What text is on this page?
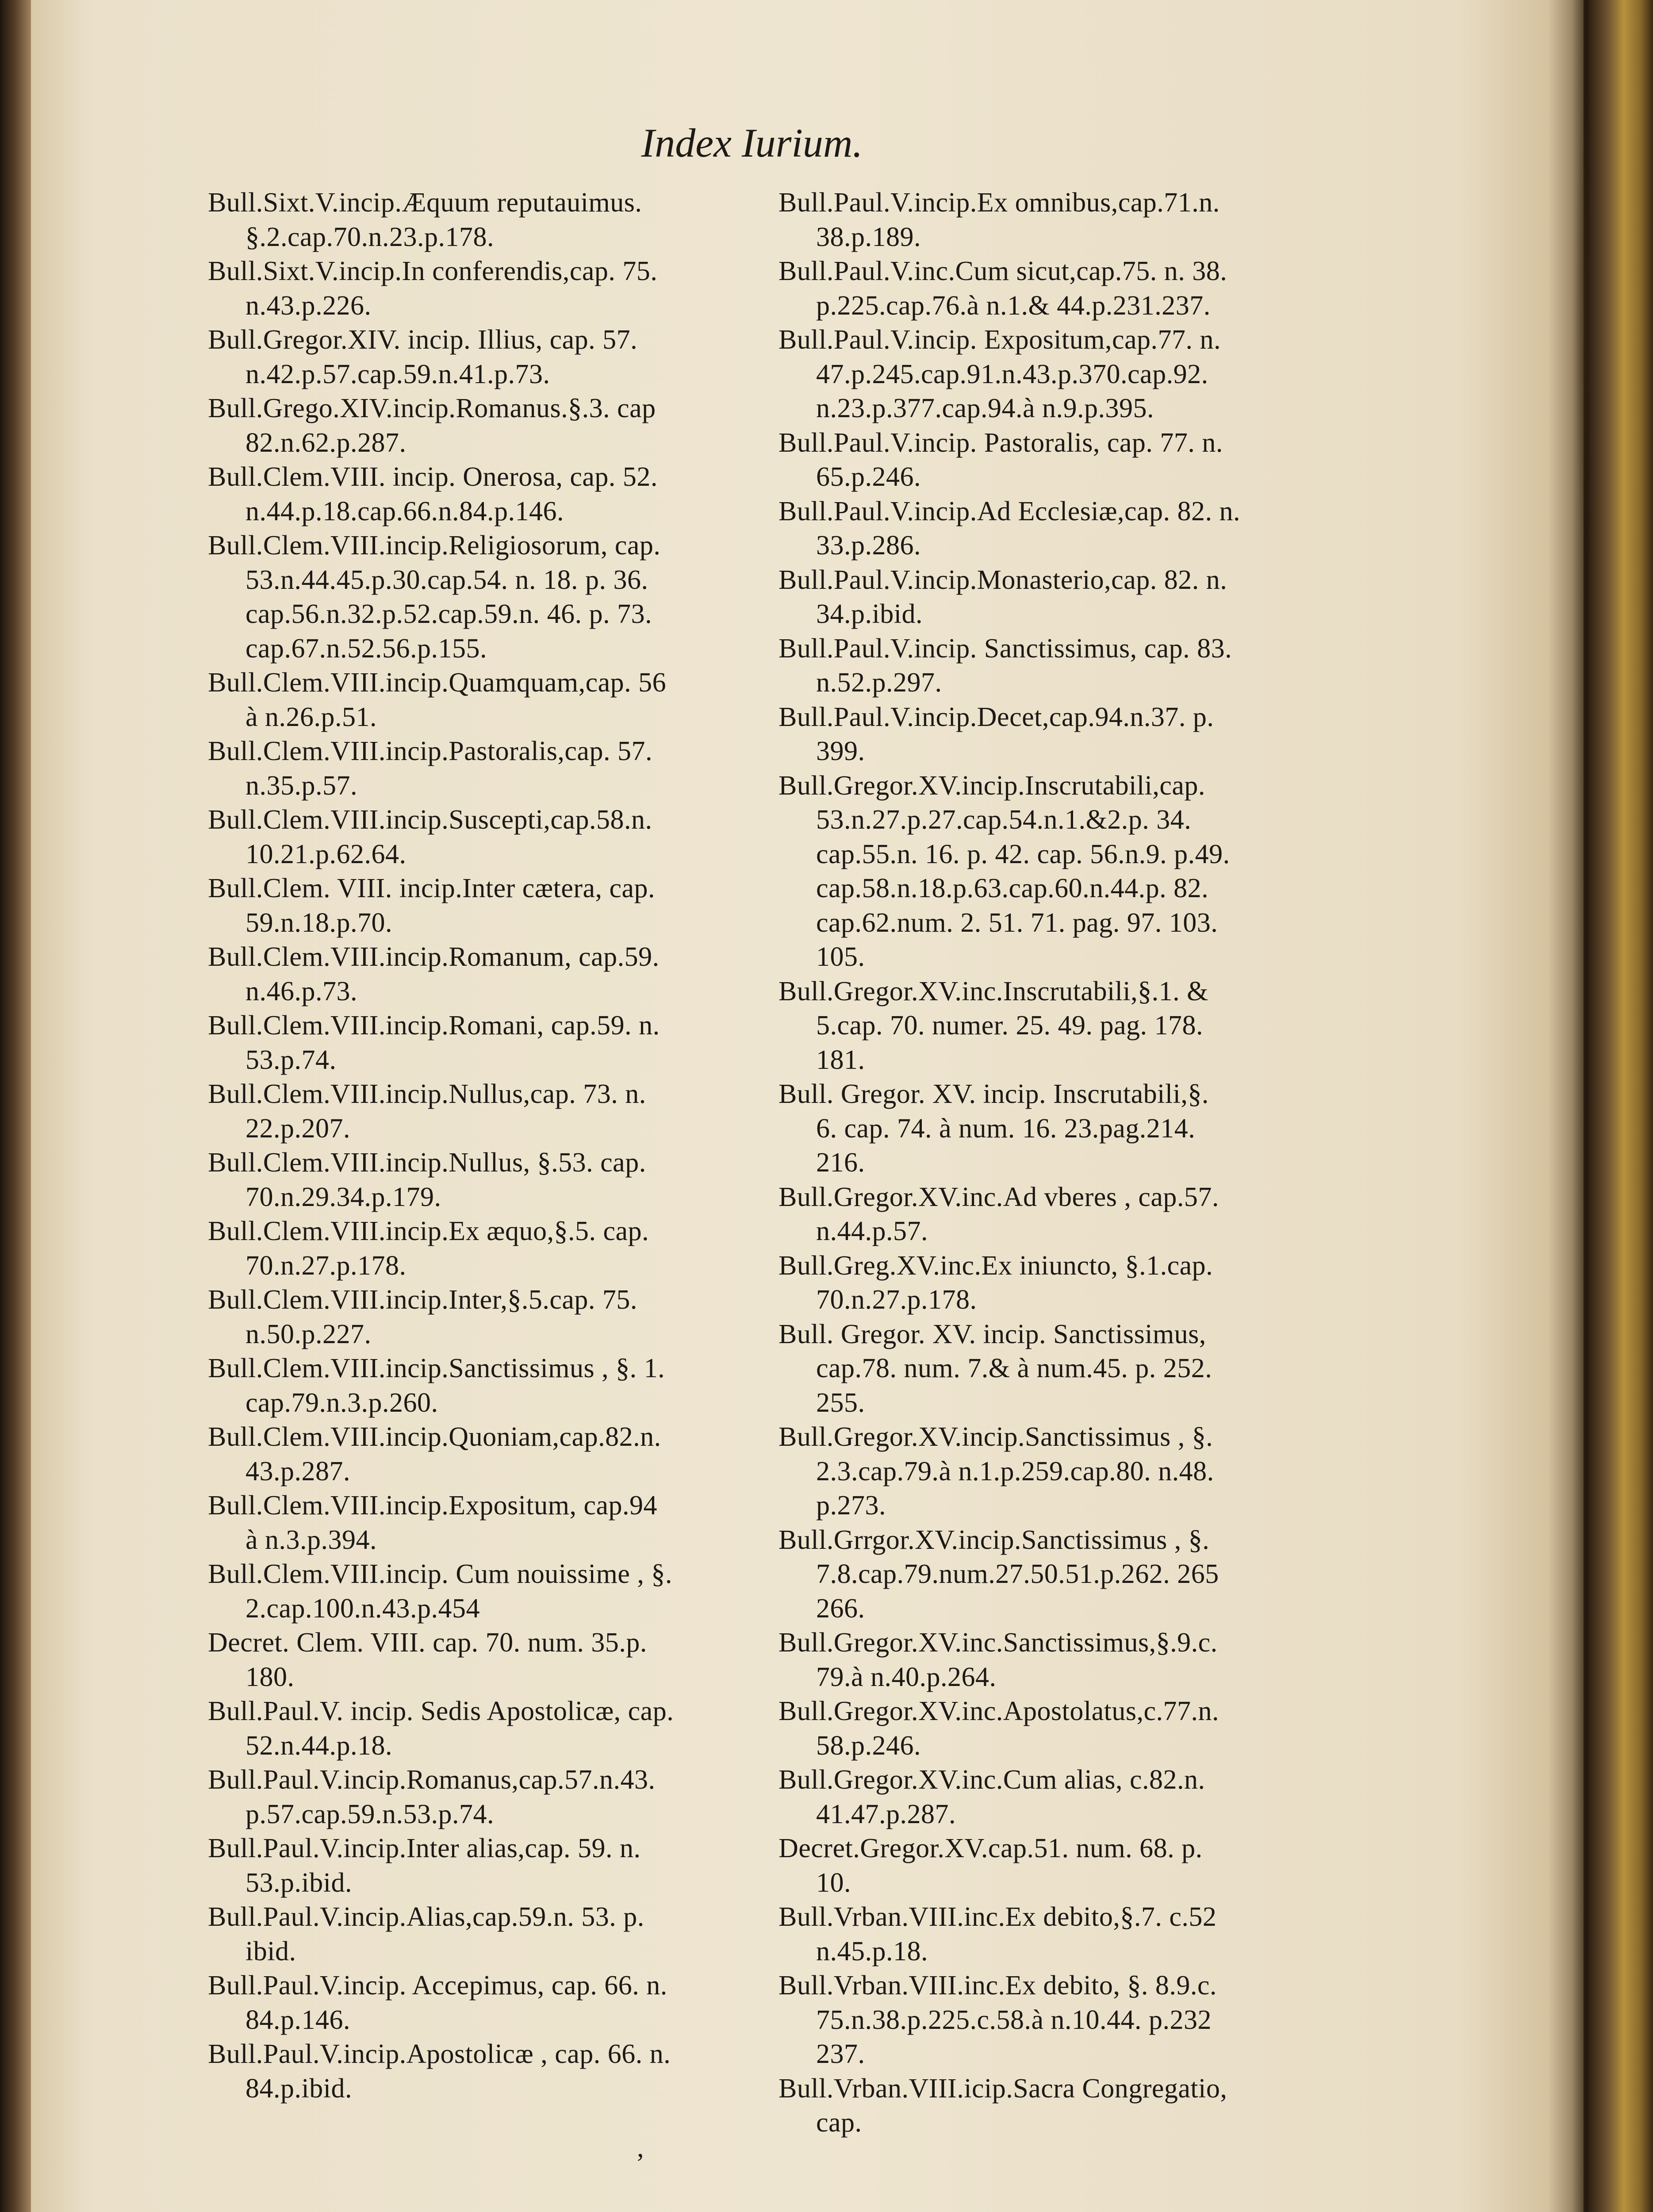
Index Iurium.
Bull.Sixt.V.incip.Æquum reputauimus.
§.2.cap.70.n.23.p.178.
Bull.Sixt.V.incip.In conferendis,cap. 75.
n.43.p.226.
Bull.Gregor.XIV. incip. Illius, cap. 57.
n.42.p.57.cap.59.n.41.p.73.
Bull.Grego.XIV.incip.Romanus.§.3. cap
82.n.62.p.287.
Bull.Clem.VIII. incip. Onerosa, cap. 52.
n.44.p.18.cap.66.n.84.p.146.
Bull.Clem.VIII.incip.Religiosorum, cap.
53.n.44.45.p.30.cap.54. n. 18. p. 36.
cap.56.n.32.p.52.cap.59.n. 46. p. 73.
cap.67.n.52.56.p.155.
Bull.Clem.VIII.incip.Quamquam,cap. 56
à n.26.p.51.
Bull.Clem.VIII.incip.Pastoralis,cap. 57.
n.35.p.57.
Bull.Clem.VIII.incip.Suscepti,cap.58.n.
10.21.p.62.64.
Bull.Clem. VIII. incip.Inter cætera, cap.
59.n.18.p.70.
Bull.Clem.VIII.incip.Romanum, cap.59.
n.46.p.73.
Bull.Clem.VIII.incip.Romani, cap.59. n.
53.p.74.
Bull.Clem.VIII.incip.Nullus,cap. 73. n.
22.p.207.
Bull.Clem.VIII.incip.Nullus, §.53. cap.
70.n.29.34.p.179.
Bull.Clem.VIII.incip.Ex æquo,§.5. cap.
70.n.27.p.178.
Bull.Clem.VIII.incip.Inter,§.5.cap. 75.
n.50.p.227.
Bull.Clem.VIII.incip.Sanctissimus , §. 1.
cap.79.n.3.p.260.
Bull.Clem.VIII.incip.Quoniam,cap.82.n.
43.p.287.
Bull.Clem.VIII.incip.Expositum, cap.94
à n.3.p.394.
Bull.Clem.VIII.incip. Cum nouissime , §.
2.cap.100.n.43.p.454
Decret. Clem. VIII. cap. 70. num. 35.p.
180.
Bull.Paul.V. incip. Sedis Apostolicæ, cap.
52.n.44.p.18.
Bull.Paul.V.incip.Romanus,cap.57.n.43.
p.57.cap.59.n.53.p.74.
Bull.Paul.V.incip.Inter alias,cap. 59. n.
53.p.ibid.
Bull.Paul.V.incip.Alias,cap.59.n. 53. p.
ibid.
Bull.Paul.V.incip. Accepimus, cap. 66. n.
84.p.146.
Bull.Paul.V.incip.Apostolicæ , cap. 66. n.
84.p.ibid.
Bull.Paul.V.incip.Ex omnibus,cap.71.n.
38.p.189.
Bull.Paul.V.inc.Cum sicut,cap.75. n. 38.
p.225.cap.76.à n.1.& 44.p.231.237.
Bull.Paul.V.incip. Expositum,cap.77. n.
47.p.245.cap.91.n.43.p.370.cap.92.
n.23.p.377.cap.94.à n.9.p.395.
Bull.Paul.V.incip. Pastoralis, cap. 77. n.
65.p.246.
Bull.Paul.V.incip.Ad Ecclesiæ,cap. 82. n.
33.p.286.
Bull.Paul.V.incip.Monasterio,cap. 82. n.
34.p.ibid.
Bull.Paul.V.incip. Sanctissimus, cap. 83.
n.52.p.297.
Bull.Paul.V.incip.Decet,cap.94.n.37. p.
399.
Bull.Gregor.XV.incip.Inscrutabili,cap.
53.n.27.p.27.cap.54.n.1.&2.p. 34.
cap.55.n. 16. p. 42. cap. 56.n.9. p.49.
cap.58.n.18.p.63.cap.60.n.44.p. 82.
cap.62.num. 2. 51. 71. pag. 97. 103.
105.
Bull.Gregor.XV.inc.Inscrutabili,§.1. &
5.cap. 70. numer. 25. 49. pag. 178.
181.
Bull. Gregor. XV. incip. Inscrutabili,§.
6. cap. 74. à num. 16. 23.pag.214.
216.
Bull.Gregor.XV.inc.Ad vberes , cap.57.
n.44.p.57.
Bull.Greg.XV.inc.Ex iniuncto, §.1.cap.
70.n.27.p.178.
Bull. Gregor. XV. incip. Sanctissimus,
cap.78. num. 7.& à num.45. p. 252.
255.
Bull.Gregor.XV.incip.Sanctissimus , §.
2.3.cap.79.à n.1.p.259.cap.80. n.48.
p.273.
Bull.Grrgor.XV.incip.Sanctissimus , §.
7.8.cap.79.num.27.50.51.p.262. 265
266.
Bull.Gregor.XV.inc.Sanctissimus,§.9.c.
79.à n.40.p.264.
Bull.Gregor.XV.inc.Apostolatus,c.77.n.
58.p.246.
Bull.Gregor.XV.inc.Cum alias, c.82.n.
41.47.p.287.
Decret.Gregor.XV.cap.51. num. 68. p.
10.
Bull.Vrban.VIII.inc.Ex debito,§.7. c.52
n.45.p.18.
Bull.Vrban.VIII.inc.Ex debito, §. 8.9.c.
75.n.38.p.225.c.58.à n.10.44. p.232
237.
Bull.Vrban.VIII.icip.Sacra Congregatio,
cap.
,
